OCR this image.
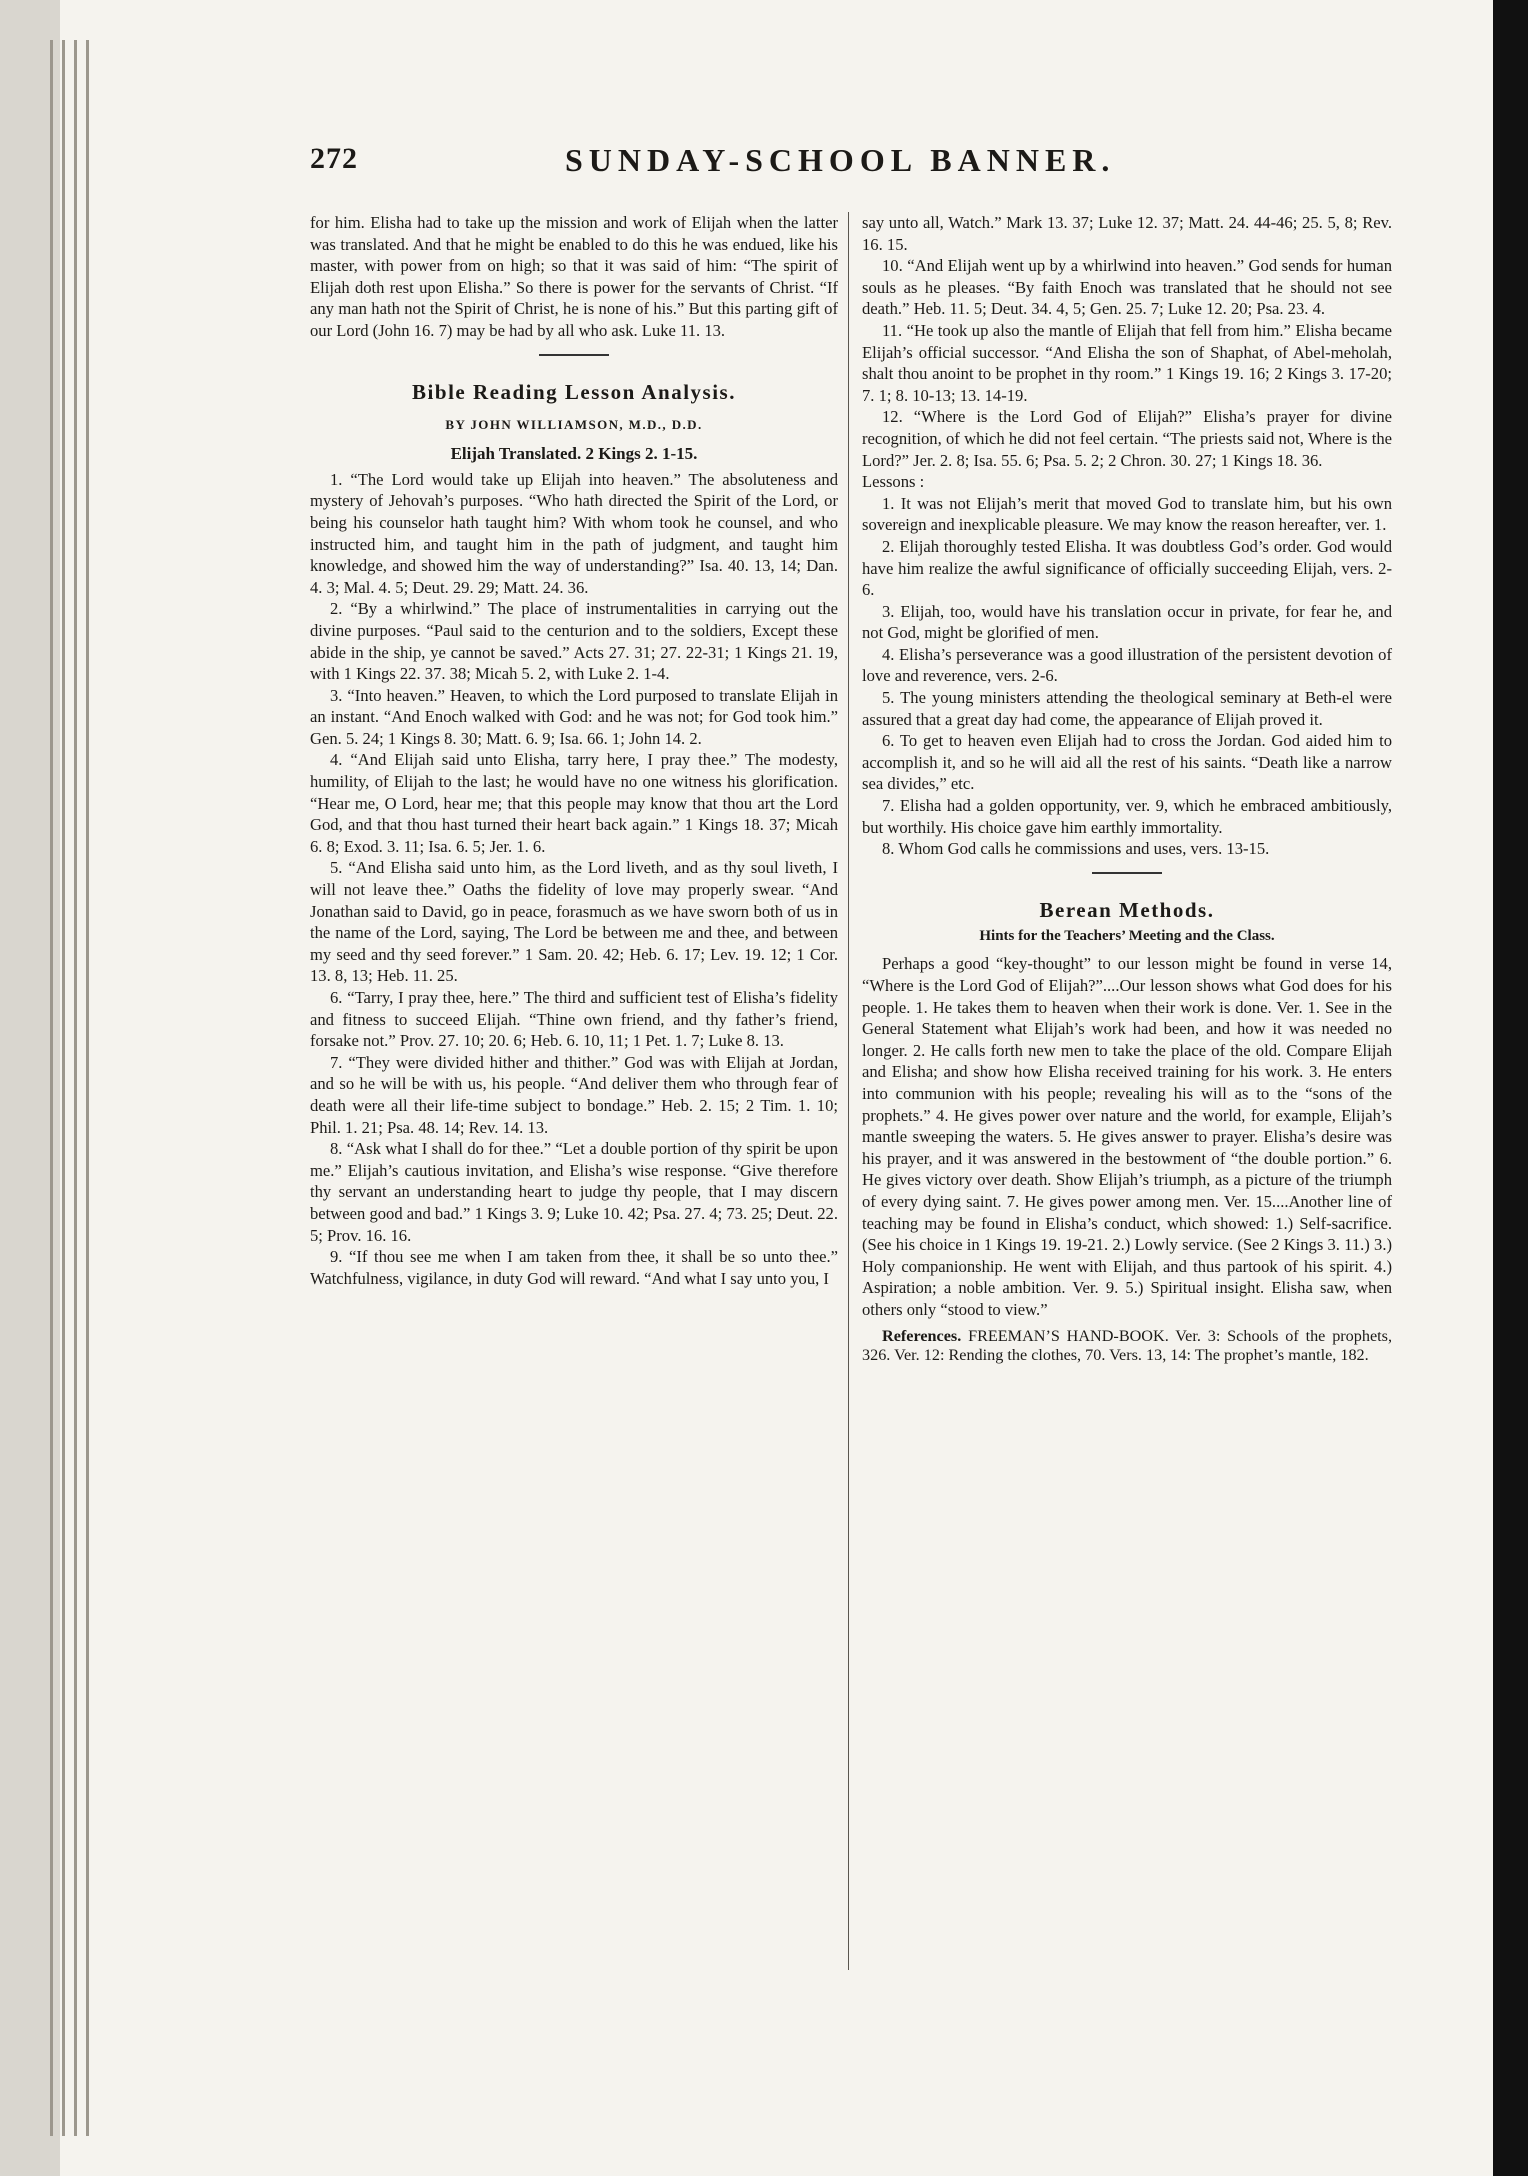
272	SUNDAY-SCHOOL BANNER.

for him. Elisha had to take up the mission and work of Elijah when the latter was translated. And that he might be enabled to do this he was endued, like his master, with power from on high; so that it was said of him: “The spirit of Elijah doth rest upon Elisha.” So there is power for the servants of Christ. “If any man hath not the Spirit of Christ, he is none of his.” But this parting gift of our Lord (John 16. 7) may be had by all who ask. Luke 11. 13.

Bible Reading Lesson Analysis.
BY JOHN WILLIAMSON, M.D., D.D.
Elijah Translated. 2 Kings 2. 1-15.

1. “The Lord would take up Elijah into heaven.” The absoluteness and mystery of Jehovah’s purposes. “Who hath directed the Spirit of the Lord, or being his counselor hath taught him? With whom took he counsel, and who instructed him, and taught him in the path of judgment, and taught him knowledge, and showed him the way of understanding?” Isa. 40. 13, 14; Dan. 4. 3; Mal. 4. 5; Deut. 29. 29; Matt. 24. 36.

2. “By a whirlwind.” The place of instrumentalities in carrying out the divine purposes. “Paul said to the centurion and to the soldiers, Except these abide in the ship, ye cannot be saved.” Acts 27. 31; 27. 22-31; 1 Kings 21. 19, with 1 Kings 22. 37. 38; Micah 5. 2, with Luke 2. 1-4.

3. “Into heaven.” Heaven, to which the Lord purposed to translate Elijah in an instant. “And Enoch walked with God: and he was not; for God took him.” Gen. 5. 24; 1 Kings 8. 30; Matt. 6. 9; Isa. 66. 1; John 14. 2.

4. “And Elijah said unto Elisha, tarry here, I pray thee.” The modesty, humility, of Elijah to the last; he would have no one witness his glorification. “Hear me, O Lord, hear me; that this people may know that thou art the Lord God, and that thou hast turned their heart back again.” 1 Kings 18. 37; Micah 6. 8; Exod. 3. 11; Isa. 6. 5; Jer. 1. 6.

5. “And Elisha said unto him, as the Lord liveth, and as thy soul liveth, I will not leave thee.” Oaths the fidelity of love may properly swear. “And Jonathan said to David, go in peace, forasmuch as we have sworn both of us in the name of the Lord, saying, The Lord be between me and thee, and between my seed and thy seed forever.” 1 Sam. 20. 42; Heb. 6. 17; Lev. 19. 12; 1 Cor. 13. 8, 13; Heb. 11. 25.

6. “Tarry, I pray thee, here.” The third and sufficient test of Elisha’s fidelity and fitness to succeed Elijah. “Thine own friend, and thy father’s friend, forsake not.” Prov. 27. 10; 20. 6; Heb. 6. 10, 11; 1 Pet. 1. 7; Luke 8. 13.

7. “They were divided hither and thither.” God was with Elijah at Jordan, and so he will be with us, his people. “And deliver them who through fear of death were all their life-time subject to bondage.” Heb. 2. 15; 2 Tim. 1. 10; Phil. 1. 21; Psa. 48. 14; Rev. 14. 13.

8. “Ask what I shall do for thee.” “Let a double portion of thy spirit be upon me.” Elijah’s cautious invitation, and Elisha’s wise response. “Give therefore thy servant an understanding heart to judge thy people, that I may discern between good and bad.” 1 Kings 3. 9; Luke 10. 42; Psa. 27. 4; 73. 25; Deut. 22. 5; Prov. 16. 16.

9. “If thou see me when I am taken from thee, it shall be so unto thee.” Watchfulness, vigilance, in duty God will reward. “And what I say unto you, I

say unto all, Watch.” Mark 13. 37; Luke 12. 37; Matt. 24. 44-46; 25. 5, 8; Rev. 16. 15.

10. “And Elijah went up by a whirlwind into heaven.” God sends for human souls as he pleases. “By faith Enoch was translated that he should not see death.” Heb. 11. 5; Deut. 34. 4, 5; Gen. 25. 7; Luke 12. 20; Psa. 23. 4.

11. “He took up also the mantle of Elijah that fell from him.” Elisha became Elijah’s official successor. “And Elisha the son of Shaphat, of Abel-meholah, shalt thou anoint to be prophet in thy room.” 1 Kings 19. 16; 2 Kings 3. 17-20; 7. 1; 8. 10-13; 13. 14-19.

12. “Where is the Lord God of Elijah?” Elisha’s prayer for divine recognition, of which he did not feel certain. “The priests said not, Where is the Lord?” Jer. 2. 8; Isa. 55. 6; Psa. 5. 2; 2 Chron. 30. 27; 1 Kings 18. 36.

Lessons :

1. It was not Elijah’s merit that moved God to translate him, but his own sovereign and inexplicable pleasure. We may know the reason hereafter, ver. 1.

2. Elijah thoroughly tested Elisha. It was doubtless God’s order. God would have him realize the awful significance of officially succeeding Elijah, vers. 2-6.

3. Elijah, too, would have his translation occur in private, for fear he, and not God, might be glorified of men.

4. Elisha’s perseverance was a good illustration of the persistent devotion of love and reverence, vers. 2-6.

5. The young ministers attending the theological seminary at Beth-el were assured that a great day had come, the appearance of Elijah proved it.

6. To get to heaven even Elijah had to cross the Jordan. God aided him to accomplish it, and so he will aid all the rest of his saints. “Death like a narrow sea divides,” etc.

7. Elisha had a golden opportunity, ver. 9, which he embraced ambitiously, but worthily. His choice gave him earthly immortality.

8. Whom God calls he commissions and uses, vers. 13-15.

Berean Methods.
Hints for the Teachers’ Meeting and the Class.

Perhaps a good “key-thought” to our lesson might be found in verse 14, “Where is the Lord God of Elijah?”....Our lesson shows what God does for his people. 1. He takes them to heaven when their work is done. Ver. 1. See in the General Statement what Elijah’s work had been, and how it was needed no longer. 2. He calls forth new men to take the place of the old. Compare Elijah and Elisha; and show how Elisha received training for his work. 3. He enters into communion with his people; revealing his will as to the “sons of the prophets.” 4. He gives power over nature and the world, for example, Elijah’s mantle sweeping the waters. 5. He gives answer to prayer. Elisha’s desire was his prayer, and it was answered in the bestowment of “the double portion.” 6. He gives victory over death. Show Elijah’s triumph, as a picture of the triumph of every dying saint. 7. He gives power among men. Ver. 15....Another line of teaching may be found in Elisha’s conduct, which showed: 1.) Self-sacrifice. (See his choice in 1 Kings 19. 19-21. 2.) Lowly service. (See 2 Kings 3. 11.) 3.) Holy companionship. He went with Elijah, and thus partook of his spirit. 4.) Aspiration; a noble ambition. Ver. 9. 5.) Spiritual insight. Elisha saw, when others only “stood to view.”

References. FREEMAN’S HAND-BOOK. Ver. 3: Schools of the prophets, 326. Ver. 12: Rending the clothes, 70. Vers. 13, 14: The prophet’s mantle, 182.
